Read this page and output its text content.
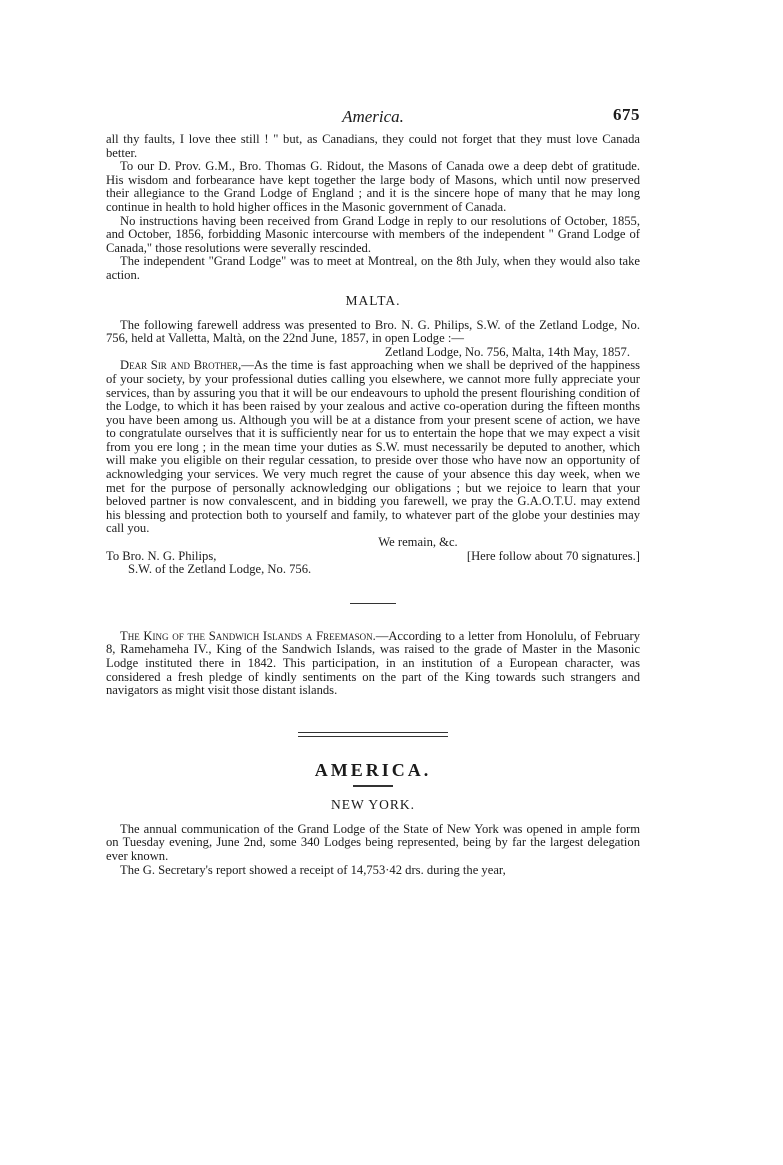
America.	675

all thy faults, I love thee still ! " but, as Canadians, they could not forget that they must love Canada better.

To our D. Prov. G.M., Bro. Thomas G. Ridout, the Masons of Canada owe a deep debt of gratitude. His wisdom and forbearance have kept together the large body of Masons, which until now preserved their allegiance to the Grand Lodge of England ; and it is the sincere hope of many that he may long continue in health to hold higher offices in the Masonic government of Canada.

No instructions having been received from Grand Lodge in reply to our resolutions of October, 1855, and October, 1856, forbidding Masonic intercourse with members of the independent " Grand Lodge of Canada," those resolutions were severally rescinded.

The independent "Grand Lodge" was to meet at Montreal, on the 8th July, when they would also take action.

MALTA.

The following farewell address was presented to Bro. N. G. Philips, S.W. of the Zetland Lodge, No. 756, held at Valletta, Maltà, on the 22nd June, 1857, in open Lodge :—

Zetland Lodge, No. 756, Malta, 14th May, 1857.

Dear Sir and Brother,—As the time is fast approaching when we shall be deprived of the happiness of your society, by your professional duties calling you elsewhere, we cannot more fully appreciate your services, than by assuring you that it will be our endeavours to uphold the present flourishing condition of the Lodge, to which it has been raised by your zealous and active co-operation during the fifteen months you have been among us. Although you will be at a distance from your present scene of action, we have to congratulate ourselves that it is sufficiently near for us to entertain the hope that we may expect a visit from you ere long ; in the mean time your duties as S.W. must necessarily be deputed to another, which will make you eligible on their regular cessation, to preside over those who have now an opportunity of acknowledging your services. We very much regret the cause of your absence this day week, when we met for the purpose of personally acknowledging our obligations ; but we rejoice to learn that your beloved partner is now convalescent, and in bidding you farewell, we pray the G.A.O.T.U. may extend his blessing and protection both to yourself and family, to whatever part of the globe your destinies may call you.

We remain, &c.
To Bro. N. G. Philips,	[Here follow about 70 signatures.]
S.W. of the Zetland Lodge, No. 756.

The King of the Sandwich Islands a Freemason.—According to a letter from Honolulu, of February 8, Ramehameha IV., King of the Sandwich Islands, was raised to the grade of Master in the Masonic Lodge instituted there in 1842. This participation, in an institution of a European character, was considered a fresh pledge of kindly sentiments on the part of the King towards such strangers and navigators as might visit those distant islands.

AMERICA.
NEW YORK.

The annual communication of the Grand Lodge of the State of New York was opened in ample form on Tuesday evening, June 2nd, some 340 Lodges being represented, being by far the largest delegation ever known.

The G. Secretary's report showed a receipt of 14,753·42 drs. during the year,
